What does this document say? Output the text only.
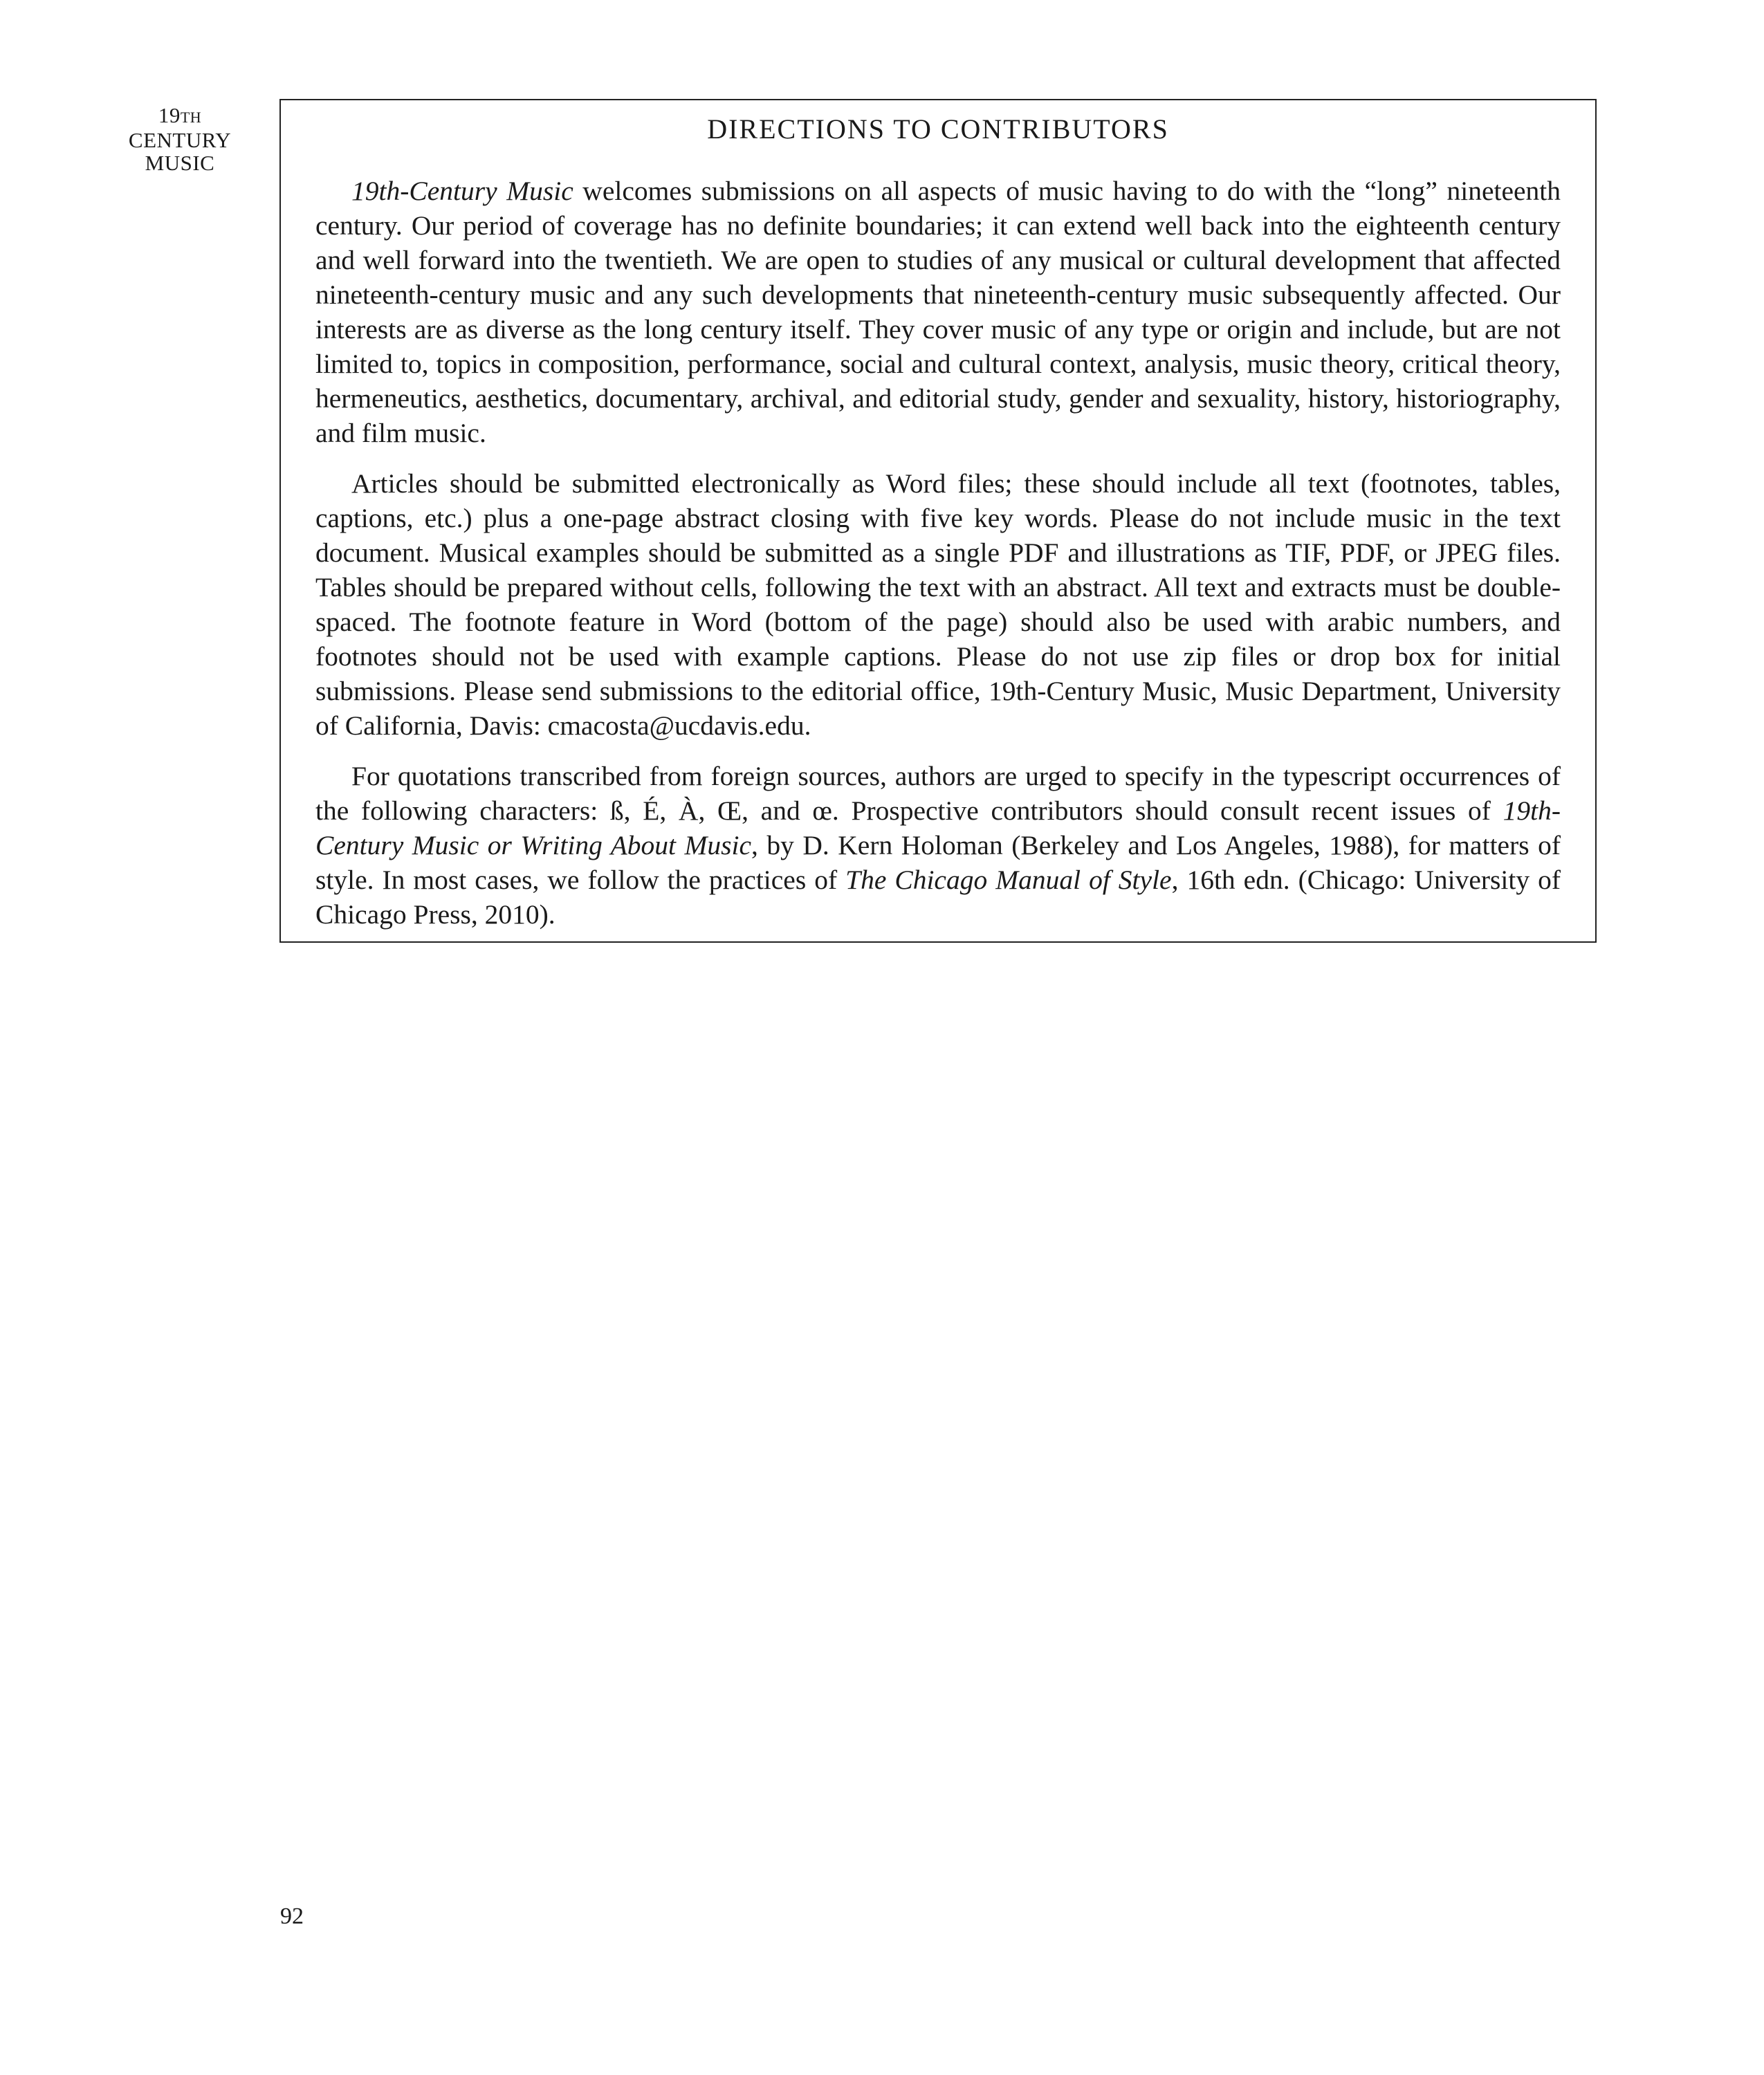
19TH
CENTURY
MUSIC
DIRECTIONS TO CONTRIBUTORS

19th-Century Music welcomes submissions on all aspects of music having to do with the “long” nineteenth century. Our period of coverage has no definite boundaries; it can extend well back into the eighteenth century and well forward into the twentieth. We are open to studies of any musical or cultural development that affected nineteenth-century music and any such developments that nineteenth-century music subsequently affected. Our interests are as diverse as the long century itself. They cover music of any type or origin and include, but are not limited to, topics in composition, performance, social and cultural context, analysis, music theory, critical theory, hermeneutics, aesthetics, documentary, archival, and editorial study, gender and sexuality, history, historiography, and film music.

Articles should be submitted electronically as Word files; these should include all text (footnotes, tables, captions, etc.) plus a one-page abstract closing with five key words. Please do not include music in the text document. Musical examples should be submitted as a single PDF and illustrations as TIF, PDF, or JPEG files. Tables should be prepared without cells, following the text with an abstract. All text and extracts must be double-spaced. The footnote feature in Word (bottom of the page) should also be used with arabic numbers, and footnotes should not be used with example captions. Please do not use zip files or drop box for initial submissions. Please send submissions to the editorial office, 19th-Century Music, Music Department, University of California, Davis: cmacosta@ucdavis.edu.

For quotations transcribed from foreign sources, authors are urged to specify in the typescript occurrences of the following characters: ß, É, À, Œ, and œ. Prospective contributors should consult recent issues of 19th-Century Music or Writing About Music, by D. Kern Holoman (Berkeley and Los Angeles, 1988), for matters of style. In most cases, we follow the practices of The Chicago Manual of Style, 16th edn. (Chicago: University of Chicago Press, 2010).

92
